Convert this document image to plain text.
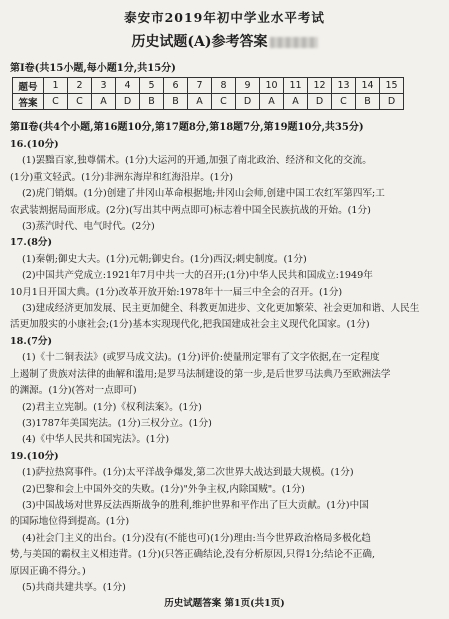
泰安市2019年初中学业水平考试
历史试题(A)参考答案
第Ⅰ卷(共15小题,每小题1分,共15分)
题号	1	2	3	4	5	6	7	8	9	10	11	12	13	14	15
答案	C	C	A	D	B	B	A	C	D	A	A	D	C	B	D
第Ⅱ卷(共4个小题,第16题10分,第17题8分,第18题7分,第19题10分,共35分)
16.(10分)
(1)罢黜百家,独尊儒术。(1分)大运河的开通,加强了南北政治、经济和文化的交流。
(1分)重文轻武。(1分)非洲东海岸和红海沿岸。(1分)
(2)虎门销烟。(1分)创建了井冈山革命根据地;井冈山会师,创建中国工农红军第四军;工
农武装割据局面形成。(2分)(写出其中两点即可)标志着中国全民族抗战的开始。(1分)
(3)蒸汽时代、电气时代。(2分)
17.(8分)
(1)秦朝;御史大夫。(1分)元朝;御史台。(1分)西汉;刺史制度。(1分)
(2)中国共产党成立:1921年7月中共一大的召开;(1分)中华人民共和国成立:1949年
10月1日开国大典。(1分)改革开放开始:1978年十一届三中全会的召开。(1分)
(3)建成经济更加发展、民主更加健全、科教更加进步、文化更加繁荣、社会更加和谐、人民生
活更加殷实的小康社会;(1分)基本实现现代化,把我国建成社会主义现代化国家。(1分)
18.(7分)
(1)《十二铜表法》(或罗马成文法)。(1分)评价:使量刑定罪有了文字依据,在一定程度
上遏制了贵族对法律的曲解和滥用;是罗马法制建设的第一步,是后世罗马法典乃至欧洲法学
的渊源。(1分)(答对一点即可)
(2)君主立宪制。(1分)《权利法案》。(1分)
(3)1787年美国宪法。(1分)三权分立。(1分)
(4)《中华人民共和国宪法》。(1分)
19.(10分)
(1)萨拉热窝事件。(1分)太平洋战争爆发,第二次世界大战达到最大规模。(1分)
(2)巴黎和会上中国外交的失败。(1分)"外争主权,内除国贼"。(1分)
(3)中国战场对世界反法西斯战争的胜利,维护世界和平作出了巨大贡献。(1分)中国
的国际地位得到提高。(1分)
(4)社会门主义的出台。(1分)没有(不能也可)(1分)理由:当今世界政治格局多极化趋
势,与美国的霸权主义相违背。(1分)(只答正确结论,没有分析原因,只得1分;结论不正确,
原因正确不得分。)
(5)共商共建共享。(1分)
历史试题答案 第1页(共1页)
